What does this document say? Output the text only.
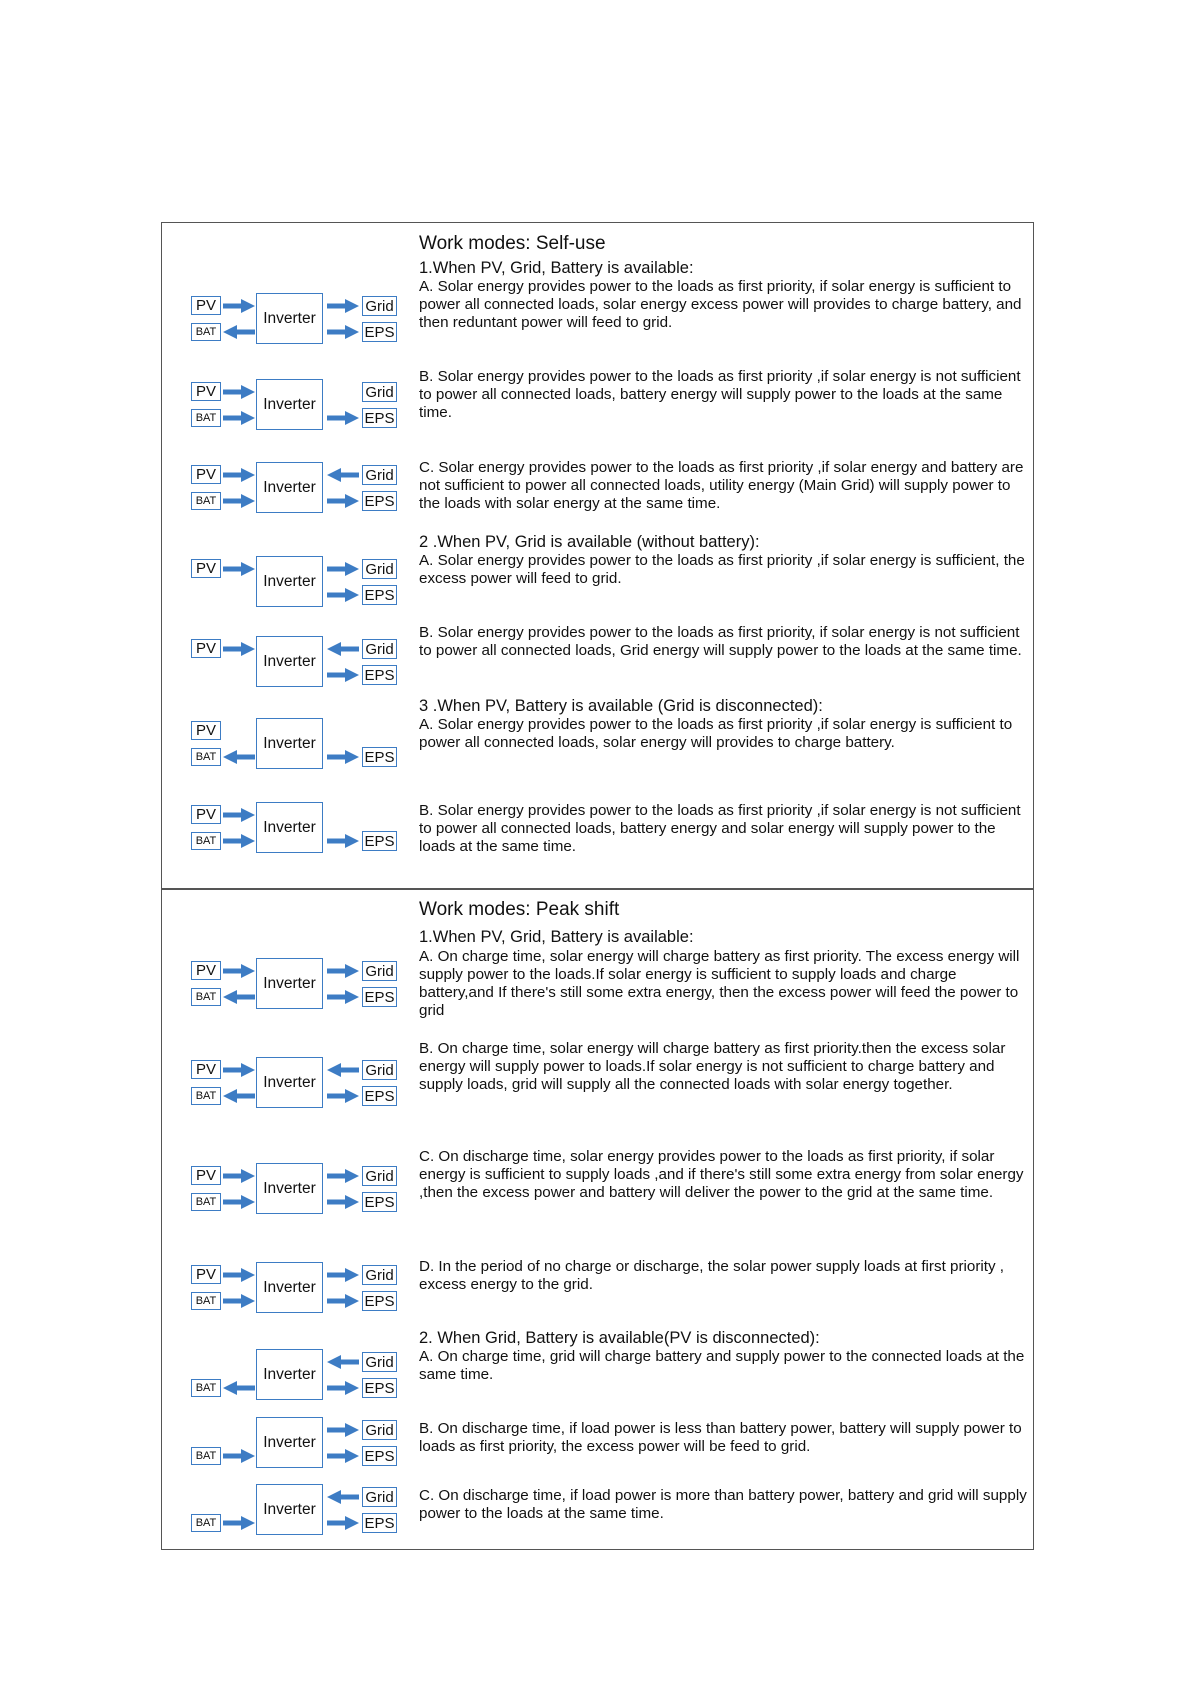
Work modes: Self-use

1.When PV, Grid, Battery is available:

A. Solar energy provides power to the loads as first priority, if solar energy is sufficient to power all connected loads, solar energy excess power will provides to charge battery, and then reduntant power will feed to grid.

B. Solar energy provides power to the loads as first priority ,if solar energy is not sufficient to power all connected loads, battery energy will supply power to the loads at the same time.

C. Solar energy provides power to the loads as first priority ,if solar energy and battery are not sufficient to power all connected loads, utility energy (Main Grid) will supply power to the loads with solar energy at the same time.

2 .When PV, Grid is available (without battery):

A. Solar energy provides power to the loads as first priority ,if solar energy is sufficient, the excess power will feed to grid.

B. Solar energy provides power to the loads as first priority, if solar energy is not sufficient to power all connected loads, Grid energy will supply power to the loads at the same time.

3 .When PV, Battery is available (Grid is disconnected):

A. Solar energy provides power to the loads as first priority ,if solar energy is sufficient to power all connected loads, solar energy will provides to charge battery.

B. Solar energy provides power to the loads as first priority ,if solar energy is not sufficient to power all connected loads, battery energy and solar energy will supply power to the loads at the same time.

Inverter
PV
BAT
Grid
EPS
Inverter
PV
BAT
Grid
EPS
Inverter
PV
BAT
Grid
EPS
Inverter
PV	Grid
EPS
Inverter
PV	Grid
EPS
Inverter
PV
BAT	EPS
Inverter
PV
BAT	EPS
Work modes: Peak shift

1.When PV, Grid, Battery is available:

A. On charge time, solar energy will charge battery as first priority. The excess energy will supply power to the loads.If solar energy is sufficient to supply loads and charge battery,and If there's still some extra energy, then the excess power will feed the power to grid

B. On charge time, solar energy will charge battery as first priority.then the excess solar energy will supply power to loads.If solar energy is not sufficient to charge battery and supply loads, grid will supply all the connected loads with solar energy together.

C. On discharge time, solar energy provides power to the loads as first priority, if solar energy is sufficient to supply loads ,and if there's still some extra energy from solar energy ,then the excess power and battery will deliver the power to the grid at the same time.

D. In the period of no charge or discharge, the solar power supply loads at first priority , excess energy to the grid.

2. When Grid, Battery is available(PV is disconnected):

A. On charge time, grid will charge battery and supply power to the connected loads at the same time.

B. On discharge time, if load power is less than battery power, battery will supply power to loads as first priority, the excess power will be feed to grid.

C. On discharge time, if load power is more than battery power, battery and grid will supply power to the loads at the same time.

Inverter
PV
BAT
Grid
EPS
Inverter
PV
BAT
Grid
EPS
Inverter
PV
BAT
Grid
EPS
Inverter
PV
BAT
Grid
EPS
Inverter
BAT
Grid
EPS
Inverter
BAT
Grid
EPS
Inverter
BAT
Grid
EPS
